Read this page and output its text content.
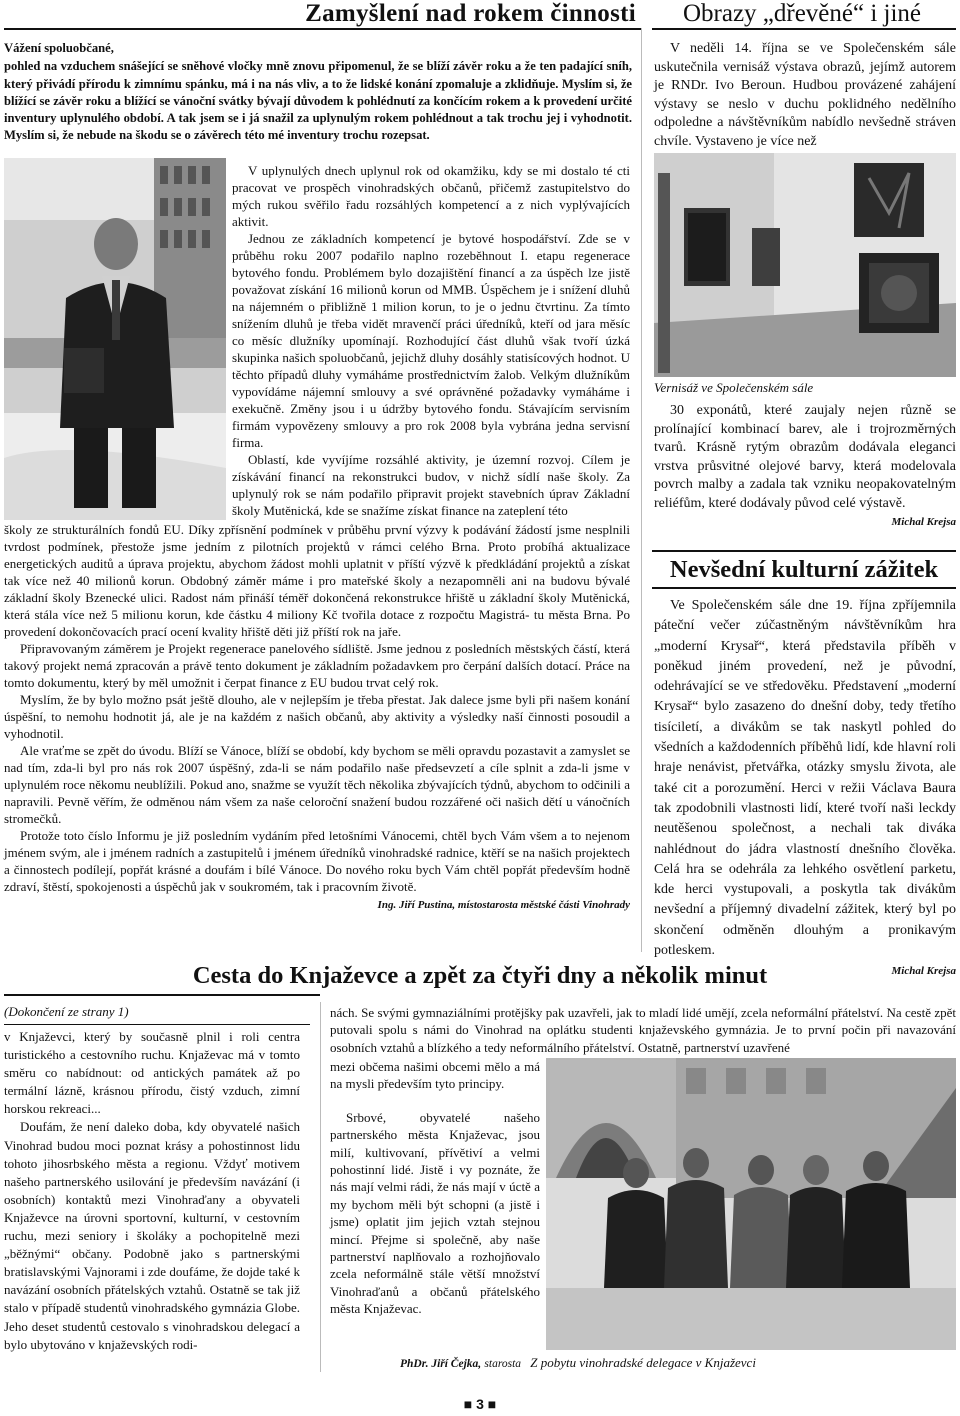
Zamyšlení nad rokem činnosti

Vážení spoluobčané,

pohled na vzduchem snášející se sněhové vločky mně znovu připomenul, že se blíží závěr roku a že ten padající sníh, který přivádí přírodu k zimnímu spánku, má i na nás vliv, a to že lidské konání zpomaluje a zklidňuje. Myslím si, že blížící se závěr roku a blížící se vánoční svátky bývají důvodem k pohlédnutí za končícím rokem a k provedení určité inventury uplynulého období. A tak jsem se i já snažil za uplynulým rokem pohlédnout a tak trochu jej i vyhodnotit. Myslím si, že nebude na škodu se o závěrech této mé inventury trochu rozepsat.

V uplynulých dnech uplynul rok od okamžiku, kdy se mi dostalo té cti pracovat ve prospěch vinohradských občanů, přičemž zastupitelstvo do mých rukou svěřilo řadu rozsáhlých kompetencí a z nich vyplývajících aktivit.

Jednou ze základních kompetencí je bytové hospodářství. Zde se v průběhu roku 2007 podařilo naplno rozeběhnout I. etapu regenerace bytového fondu. Problémem bylo dozajištění financí a za úspěch lze jistě považovat získání 16 milionů korun od MMB. Úspěchem je i snížení dluhů na nájemném o přibližně 1 milion korun, to je o jednu čtvrtinu. Za tímto snížením dluhů je třeba vidět mravenčí práci úředníků, kteří od jara měsíc co měsíc dlužníky upomínají. Rozhodující část dluhů však tvoří úzká skupinka našich spoluobčanů, jejichž dluhy dosáhly statisícových hodnot. U těchto případů dluhy vymáháme prostřednictvím žalob. Velkým dlužníkům vypovídáme nájemní smlouvy a své oprávněné požadavky vymáháme i exekučně. Změny jsou i u údržby bytového fondu. Stávajícím servisním firmám vypovězeny smlouvy a pro rok 2008 byla vybrána jedna servisní firma.

Oblastí, kde vyvíjíme rozsáhlé aktivity, je územní rozvoj. Cílem je získávání financí na rekonstrukci budov, v nichž sídlí naše školy. Za uplynulý rok se nám podařilo připravit projekt stavebních úprav Základní školy Mutěnická, kde se snažíme získat finance na zateplení této

školy ze strukturálních fondů EU. Díky zpřísnění podmínek v průběhu první výzvy k podávání žádostí jsme nesplnili tvrdost podmínek, přestože jsme jedním z pilotních projektů v rámci celého Brna. Proto probíhá aktualizace energetických auditů a úprava projektu, abychom žádost mohli uplatnit v příští výzvě k předkládání projektů a získat tak více než 40 milionů korun. Obdobný záměr máme i pro mateřské školy a nezapomněli ani na budovu bývalé základní školy Bzenecké ulici. Radost nám přináší téměř dokončená rekonstrukce hřiště u základní školy Mutěnická, která stála více než 5 milionu korun, kde částku 4 miliony Kč tvořila dotace z rozpočtu Magistrá- tu města Brna. Po provedení dokončovacích prací ocení kvality hřiště děti již příští rok na jaře.

Připravovaným záměrem je Projekt regenerace panelového sídliště. Jsme jednou z posledních městských částí, která takový projekt nemá zpracován a právě tento dokument je základním požadavkem pro čerpání dalších dotací. Práce na tomto dokumentu, který by měl umožnit i čerpat finance z EU budou trvat celý rok.

Myslím, že by bylo možno psát ještě dlouho, ale v nejlepším je třeba přestat. Jak dalece jsme byli při našem konání úspěšní, to nemohu hodnotit já, ale je na každém z našich občanů, aby aktivity a výsledky naší činnosti posoudil a vyhodnotil.

Ale vraťme se zpět do úvodu. Blíží se Vánoce, blíží se období, kdy bychom se měli opravdu pozastavit a zamyslet se nad tím, zda-li byl pro nás rok 2007 úspěšný, zda-li se nám podařilo naše předsevzetí a cíle splnit a zda-li jsme v uplynulém roce někomu neublížili. Pokud ano, snažme se využít těch několika zbývajících týdnů, abychom to odčinili a napravili. Pevně věřím, že odměnou nám všem za naše celoroční snažení budou rozzářené oči našich dětí u vánočních stromečků.

Protože toto číslo Informu je již posledním vydáním před letošními Vánocemi, chtěl bych Vám všem a to nejenom jménem svým, ale i jménem radních a zastupitelů i jménem úředníků vinohradské radnice, ktěří se na našich projektech a činnostech podílejí, popřát krásné a doufám i bílé Vánoce. Do nového roku bych Vám chtěl popřát především hodně zdraví, štěstí, spokojenosti a úspěchů jak v soukromém, tak i pracovním životě.

Ing. Jiří Pustina, místostarosta městské části Vinohrady

Obrazy „dřevěné“ i jiné

V neděli 14. října se ve Společenském sále uskutečnila vernisáž výstava obrazů, jejímž autorem je RNDr. Ivo Beroun. Hudbou provázené zahájení výstavy se neslo v duchu poklidného nedělního odpoledne a návštěvníkům nabídlo nevšedně stráven chvíle. Vystaveno je více než

Vernisáž ve Společenském sále

30 exponátů, které zaujaly nejen různě se prolínající kombinací barev, ale i trojrozměrných tvarů. Krásně rytým obrazům dodávala eleganci vrstva průsvitné olejové barvy, která modelovala povrch malby a zadala tak vzniku neopakovatelným reliéfům, které dodávaly původ celé výstavě.

Michal Krejsa

Nevšední kulturní zážitek

Ve Společenském sále dne 19. října zpříjemnila páteční večer zúčastněným návštěvníkům hra „moderní Krysař“, která představila příběh v poněkud jiném provedení, než je původní, odehrávající se ve středověku. Představení „moderní Krysař“ bylo zasazeno do dnešní doby, tedy třetího tisíciletí, a divákům se tak naskytl pohled do všedních a každodenních příběhů lidí, kde hlavní roli hraje nenávist, přetvářka, otázky smyslu života, ale také cit a porozumění. Herci v režii Václava Baura tak zpodobnili vlastnosti lidí, které tvoří naši leckdy neutěšenou společnost, a nechali tak diváka nahlédnout do jádra vlastností dnešního člověka. Celá hra se odehrála za lehkého osvětlení parketu, kde herci vystupovali, a poskytla tak divákům nevšední a příjemný divadelní zážitek, který byl po skončení odměněn dlouhým a pronikavým potleskem.

Michal Krejsa

Cesta do Knjaževce a zpět za čtyři dny a několik minut

(Dokončení ze strany 1)

v Knjaževci, který by současně plnil i roli centra turistického a cestovního ruchu. Knjaževac má v tomto směru co nabídnout: od antických památek až po termální lázně, krásnou přírodu, čistý vzduch, zimní horskou rekreaci...

Doufám, že není daleko doba, kdy obyvatelé našich Vinohrad budou moci poznat krásy a pohostinnost lidu tohoto jihosrbského města a regionu. Vždyť motivem našeho partnerského usilování je především navázání (i osobních) kontaktů mezi Vinohraďany a obyvateli Knjaževce na úrovni sportovní, kulturní, v cestovním ruchu, mezi seniory i školáky a pochopitelně mezi „běžnými“ občany. Podobně jako s partnerskými bratislavskými Vajnorami i zde doufáme, že dojde také k navázání osobních přátelských vztahů. Ostatně se tak již stalo v případě studentů vinohradského gymnázia Globe. Jeho deset studentů cestovalo s vinohradskou delegací a bylo ubytováno v knjaževských rodi-

nách. Se svými gymnaziálními protějšky pak uzavřeli, jak to mladí lidé umějí, zcela neformální přátelství. Na cestě zpět putovali spolu s námi do Vinohrad na oplátku studenti knjaževského gymnázia. Je to první počin při navazování osobních vztahů a blízkého a tedy neformálního přátelství. Ostatně, partnerství uzavřené

mezi občema našimi obcemi mělo a má na mysli především tyto principy.

Srbové, obyvatelé našeho partnerského města Knjaževac, jsou milí, kultivovaní, přívětiví a velmi pohostinní lidé. Jistě i vy poznáte, že nás mají velmi rádi, že nás mají v úctě a my bychom měli být schopni (a jistě i jsme) oplatit jim jejich vztah stejnou mincí. Přejme si společně, aby naše partnerství naplňovalo a rozhojňovalo zcela neformálně stále větší množství Vinohraďanů a občanů přátelského města Knjaževac.

PhDr. Jiří Čejka, starosta Z pobytu vinohradské delegace v Knjaževci
■ 3 ■
